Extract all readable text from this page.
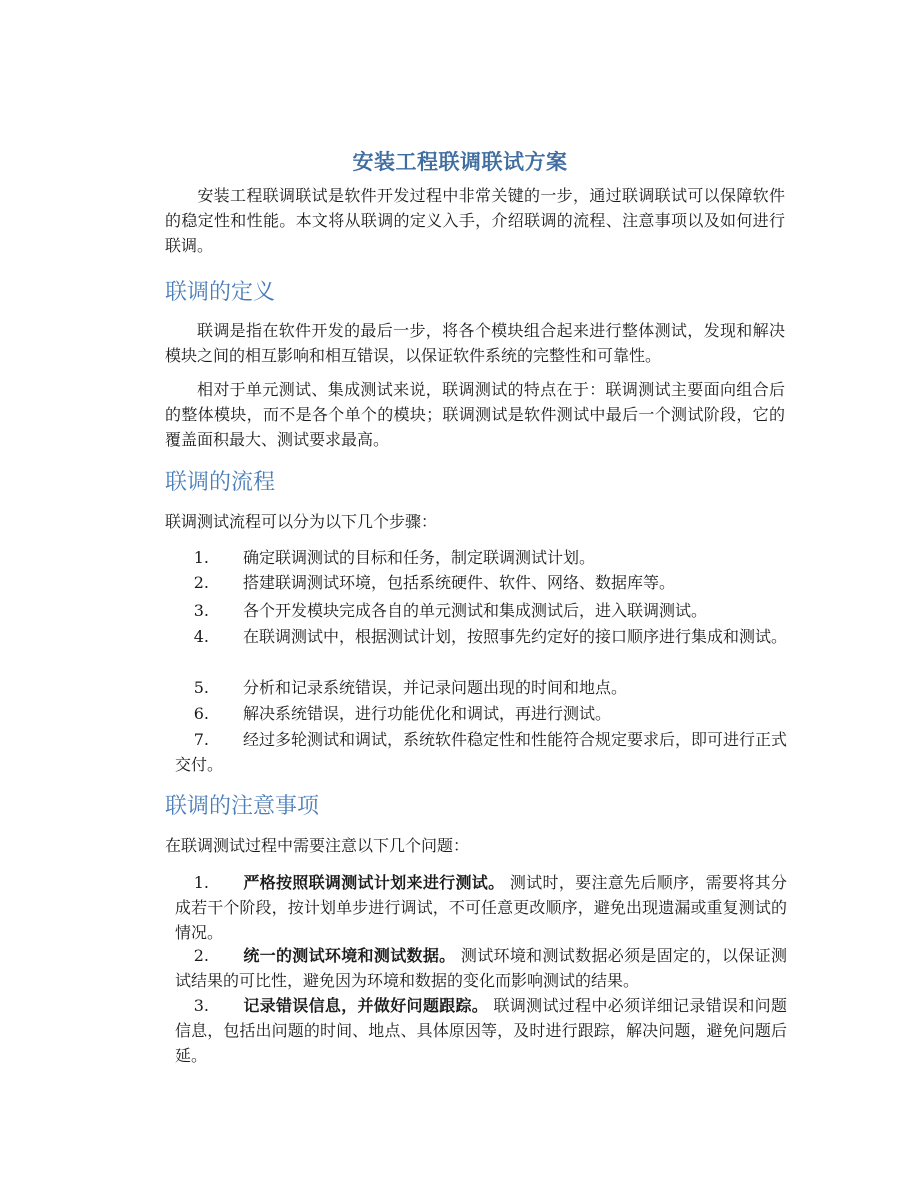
安装工程联调联试方案
安装工程联调联试是软件开发过程中非常关键的一步，通过联调联试可以保障软件的稳定性和性能。本文将从联调的定义入手，介绍联调的流程、注意事项以及如何进行联调。
联调的定义
联调是指在软件开发的最后一步，将各个模块组合起来进行整体测试，发现和解决模块之间的相互影响和相互错误，以保证软件系统的完整性和可靠性。
相对于单元测试、集成测试来说，联调测试的特点在于：联调测试主要面向组合后的整体模块，而不是各个单个的模块；联调测试是软件测试中最后一个测试阶段，它的覆盖面积最大、测试要求最高。
联调的流程
联调测试流程可以分为以下几个步骤：
1. 确定联调测试的目标和任务，制定联调测试计划。
2. 搭建联调测试环境，包括系统硬件、软件、网络、数据库等。
3. 各个开发模块完成各自的单元测试和集成测试后，进入联调测试。
4. 在联调测试中，根据测试计划，按照事先约定好的接口顺序进行集成和测试。
5. 分析和记录系统错误，并记录问题出现的时间和地点。
6. 解决系统错误，进行功能优化和调试，再进行测试。
7. 经过多轮测试和调试，系统软件稳定性和性能符合规定要求后，即可进行正式交付。
联调的注意事项
在联调测试过程中需要注意以下几个问题：
1. 严格按照联调测试计划来进行测试。 测试时，要注意先后顺序，需要将其分成若干个阶段，按计划单步进行调试，不可任意更改顺序，避免出现遗漏或重复测试的情况。
2. 统一的测试环境和测试数据。 测试环境和测试数据必须是固定的，以保证测试结果的可比性，避免因为环境和数据的变化而影响测试的结果。
3. 记录错误信息，并做好问题跟踪。 联调测试过程中必须详细记录错误和问题信息，包括出问题的时间、地点、具体原因等，及时进行跟踪，解决问题，避免问题后延。
